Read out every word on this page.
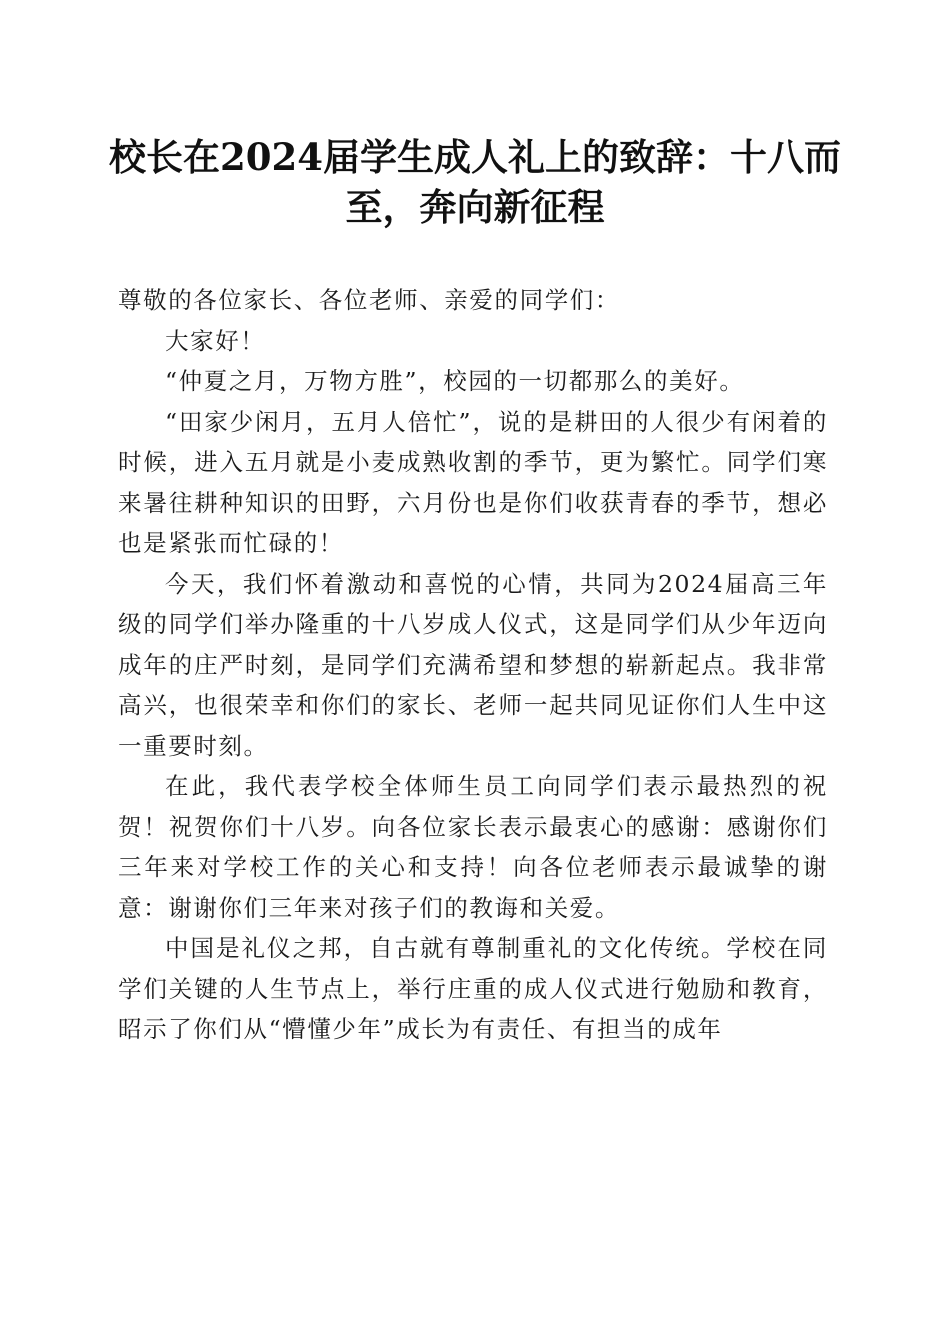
校长在2024届学生成人礼上的致辞：十八而
至，奔向新征程

尊敬的各位家长、各位老师、亲爱的同学们：

大家好！

“仲夏之月，万物方胜”，校园的一切都那么的美好。

“田家少闲月，五月人倍忙”，说的是耕田的人很少有闲着的时候，进入五月就是小麦成熟收割的季节，更为繁忙。同学们寒来暑往耕种知识的田野，六月份也是你们收获青春的季节，想必也是紧张而忙碌的！

今天，我们怀着激动和喜悦的心情，共同为2024届高三年级的同学们举办隆重的十八岁成人仪式，这是同学们从少年迈向成年的庄严时刻，是同学们充满希望和梦想的崭新起点。我非常高兴，也很荣幸和你们的家长、老师一起共同见证你们人生中这一重要时刻。

在此，我代表学校全体师生员工向同学们表示最热烈的祝贺！祝贺你们十八岁。向各位家长表示最衷心的感谢：感谢你们三年来对学校工作的关心和支持！向各位老师表示最诚挚的谢意：谢谢你们三年来对孩子们的教诲和关爱。

中国是礼仪之邦，自古就有尊制重礼的文化传统。学校在同学们关键的人生节点上，举行庄重的成人仪式进行勉励和教育，昭示了你们从“懵懂少年”成长为有责任、有担当的成年
